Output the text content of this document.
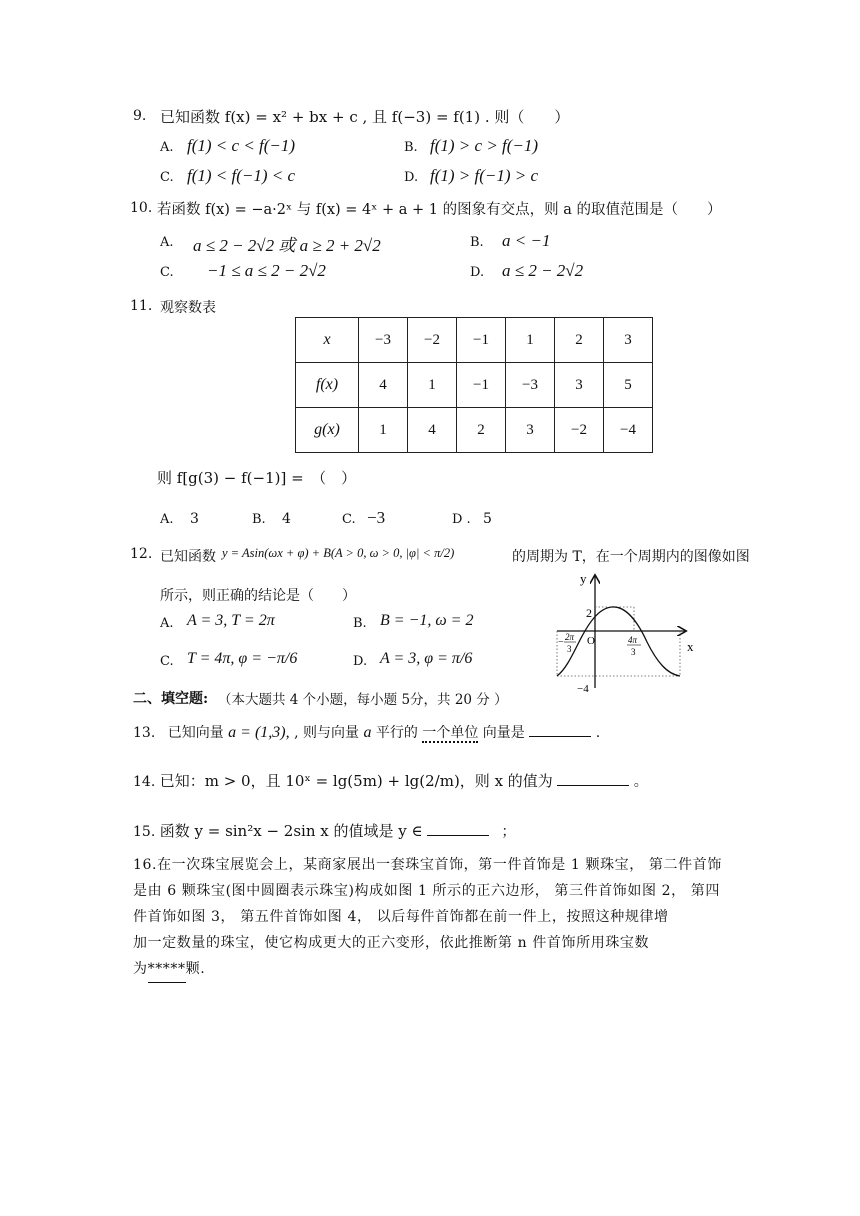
9. 已知函数 f(x) = x² + bx + c , 且 f(−3) = f(1) . 则（　　）
A. f(1) < c < f(−1)	B. f(1) > c > f(−1)
C. f(1) < f(−1) < c	D. f(1) > f(−1) > c
10. 若函数 f(x) = −a·2ˣ 与 f(x) = 4ˣ + a + 1 的图象有交点，则 a 的取值范围是（　　）
A. a ≤ 2 − 2√2 或 a ≥ 2 + 2√2	B. a < −1
C. −1 ≤ a ≤ 2 − 2√2	D. a ≤ 2 − 2√2
11. 观察数表
x	−3	−2	−1	1	2	3
f(x)	4	1	−1	−3	3	5
g(x)	1	4	2	3	−2	−4
则 f[g(3) − f(−1)] =　（　）
A. 3	B. 4	C. −3	D . 5
12. 已知函数 y = Asin(ωx + φ) + B(A > 0, ω > 0, |φ| < π/2)	的周期为 T，在一个周期内的图像如图
所示，则正确的结论是（　　）
A. A = 3, T = 2π	B. B = −1, ω = 2
C. T = 4π, φ = −π/6	D. A = 3, φ = π/6
y
x
O
2
−4
− 2π
3
4π
3
二、填空题: （本大题共 4 个小题，每小题 5分，共 20 分 ）
13. 已知向量 a = (1,3), , 则与向量 a 平行的 一个单位 向量是	.
14. 已知：m > 0，且 10ˣ = lg(5m) + lg(2/m)，则 x 的值为	。
15. 函数 y = sin²x − 2sin x 的值域是 y ∈	；
16.在一次珠宝展览会上，某商家展出一套珠宝首饰，第一件首饰是 1 颗珠宝， 第二件首饰
是由 6 颗珠宝(图中圆圈表示珠宝)构成如图 1 所示的正六边形， 第三件首饰如图 2， 第四
件首饰如图 3， 第五件首饰如图 4， 以后每件首饰都在前一件上，按照这种规律增
加一定数量的珠宝，使它构成更大的正六变形，依此推断第 n 件首饰所用珠宝数
为*****颗.
